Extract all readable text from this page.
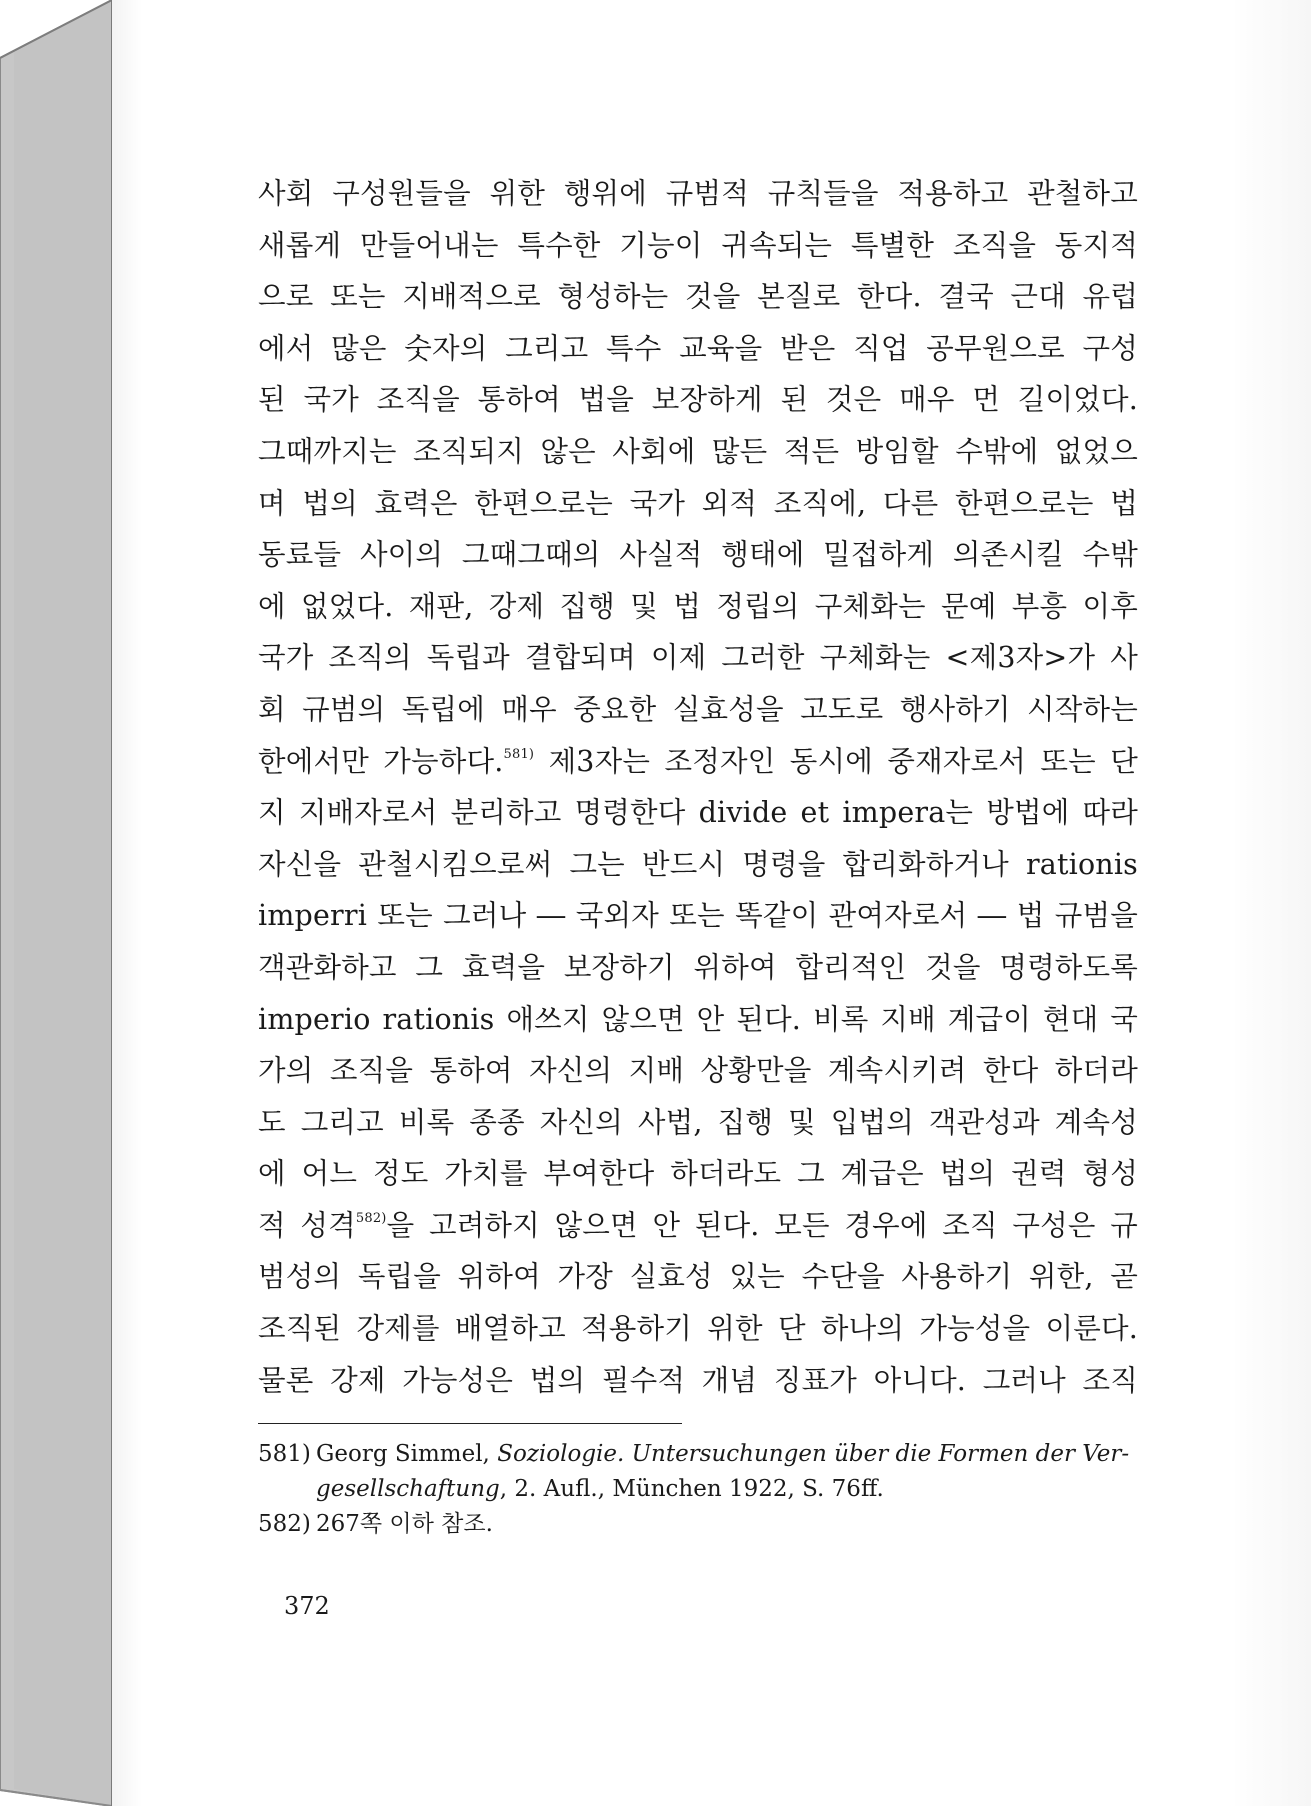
사회 구성원들을 위한 행위에 규범적 규칙들을 적용하고 관철하고
새롭게 만들어내는 특수한 기능이 귀속되는 특별한 조직을 동지적
으로 또는 지배적으로 형성하는 것을 본질로 한다. 결국 근대 유럽
에서 많은 숫자의 그리고 특수 교육을 받은 직업 공무원으로 구성
된 국가 조직을 통하여 법을 보장하게 된 것은 매우 먼 길이었다.
그때까지는 조직되지 않은 사회에 많든 적든 방임할 수밖에 없었으
며 법의 효력은 한편으로는 국가 외적 조직에, 다른 한편으로는 법
동료들 사이의 그때그때의 사실적 행태에 밀접하게 의존시킬 수밖
에 없었다. 재판, 강제 집행 및 법 정립의 구체화는 문예 부흥 이후
국가 조직의 독립과 결합되며 이제 그러한 구체화는 <제3자>가 사
회 규범의 독립에 매우 중요한 실효성을 고도로 행사하기 시작하는
한에서만 가능하다.$^{581)}$ 제3자는 조정자인 동시에 중재자로서 또는 단
지 지배자로서 분리하고 명령한다 divide et impera는 방법에 따라
자신을 관철시킴으로써 그는 반드시 명령을 합리화하거나 rationis
imperri 또는 그러나 ― 국외자 또는 똑같이 관여자로서 ― 법 규범을
객관화하고 그 효력을 보장하기 위하여 합리적인 것을 명령하도록
imperio rationis 애쓰지 않으면 안 된다. 비록 지배 계급이 현대 국
가의 조직을 통하여 자신의 지배 상황만을 계속시키려 한다 하더라
도 그리고 비록 종종 자신의 사법, 집행 및 입법의 객관성과 계속성
에 어느 정도 가치를 부여한다 하더라도 그 계급은 법의 권력 형성
적 성격$^{582)}$을 고려하지 않으면 안 된다. 모든 경우에 조직 구성은 규
범성의 독립을 위하여 가장 실효성 있는 수단을 사용하기 위한, 곧
조직된 강제를 배열하고 적용하기 위한 단 하나의 가능성을 이룬다.
물론 강제 가능성은 법의 필수적 개념 징표가 아니다. 그러나 조직
581) Georg Simmel, Soziologie. Untersuchungen über die Formen der Ver-
gesellschaftung, 2. Aufl., München 1922, S. 76ff.
582) 267쪽 이하 참조.
372
